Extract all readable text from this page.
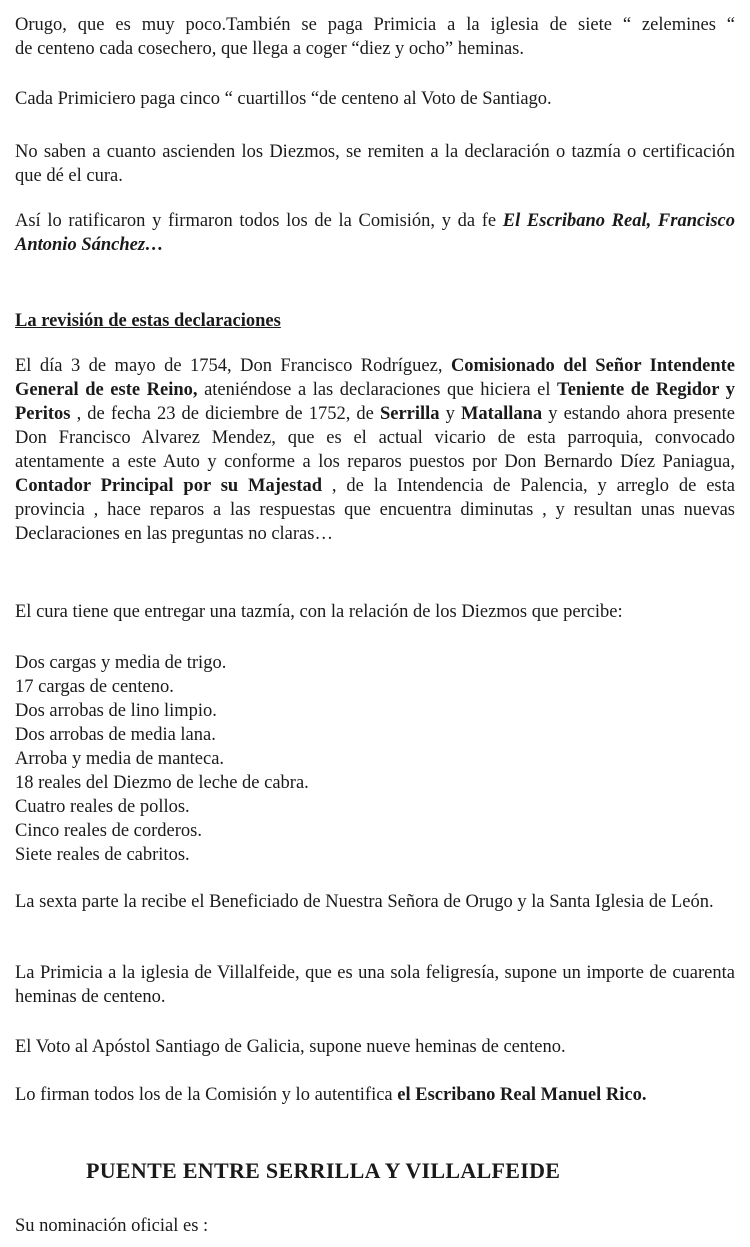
Orugo, que es muy poco.También se paga Primicia a la iglesia de siete “ zelemines “
de centeno cada cosechero, que llega a coger “diez y ocho” heminas.

Cada Primiciero paga cinco “ cuartillos “de centeno al Voto de Santiago.

No saben a cuanto ascienden los Diezmos, se remiten a la declaración o tazmía o certificación que dé el cura.

Así lo ratificaron y firmaron todos los de la Comisión, y da fe El Escribano Real, Francisco Antonio Sánchez…

La revisión de estas declaraciones

El día 3 de mayo de 1754, Don Francisco Rodríguez, Comisionado del Señor Intendente General de este Reino, ateniéndose a las declaraciones que hiciera el Teniente de Regidor y Peritos , de fecha 23 de diciembre de 1752, de Serrilla y Matallana y estando ahora presente Don Francisco Alvarez Mendez, que es el actual vicario de esta parroquia, convocado atentamente a este Auto y conforme a los reparos puestos por Don Bernardo Díez Paniagua, Contador Principal por su Majestad , de la Intendencia de Palencia, y arreglo de esta provincia , hace reparos a las respuestas que encuentra diminutas , y resultan unas nuevas Declaraciones en las preguntas no claras…

El cura tiene que entregar una tazmía, con la relación de los Diezmos que percibe:

Dos cargas y media de trigo.
17 cargas de centeno.
Dos arrobas de lino limpio.
Dos arrobas de media lana.
Arroba y media de manteca.
18 reales del Diezmo de leche de cabra.
Cuatro reales de pollos.
Cinco reales de corderos.
Siete reales de cabritos.

La sexta parte la recibe el Beneficiado de Nuestra Señora de Orugo y la Santa Iglesia de León.

La Primicia a la iglesia de Villalfeide, que es una sola feligresía, supone un importe de cuarenta heminas de centeno.

El Voto al Apóstol Santiago de Galicia, supone nueve heminas de centeno.

Lo firman todos los de la Comisión y lo autentifica el Escribano Real Manuel Rico.

PUENTE ENTRE SERRILLA Y VILLALFEIDE

Su nominación oficial es :
